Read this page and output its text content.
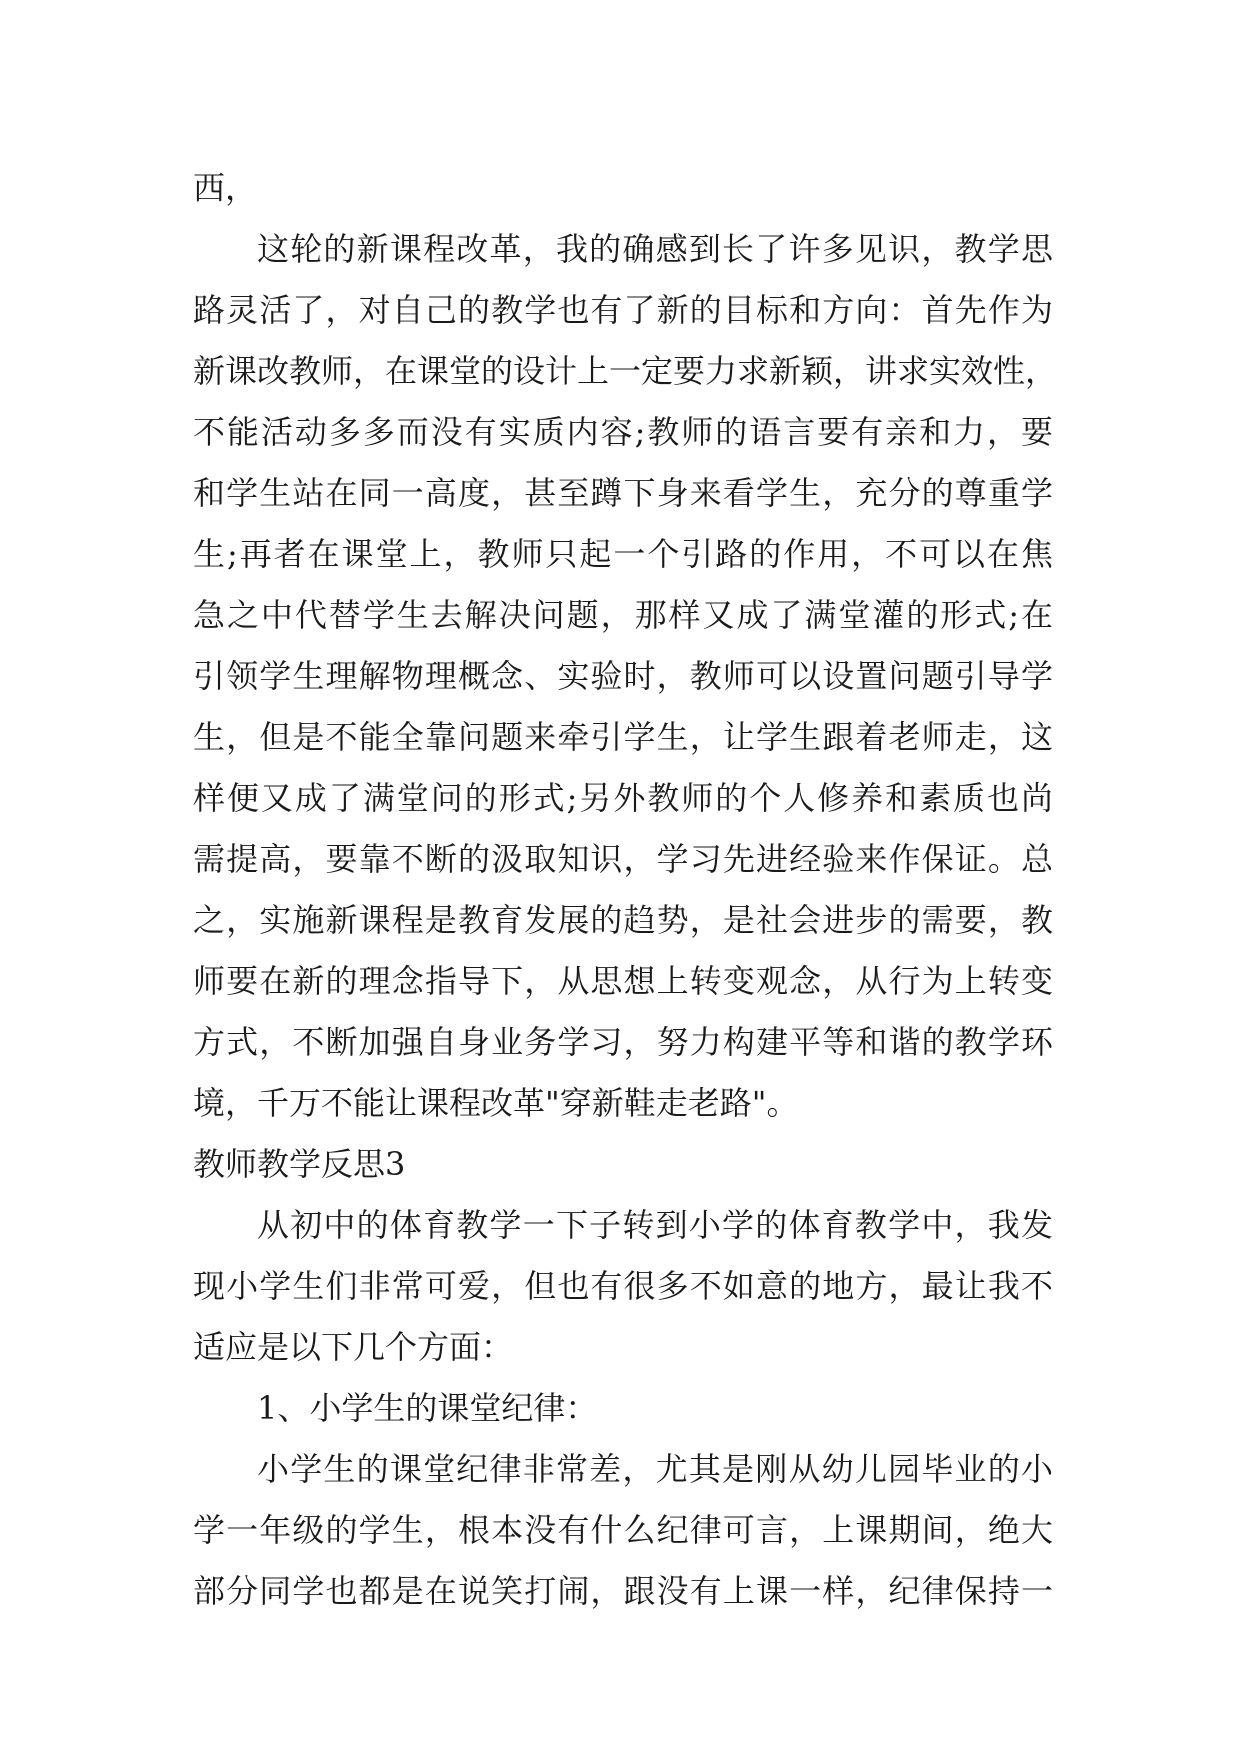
西，
这轮的新课程改革，我的确感到长了许多见识，教学思
路灵活了，对自己的教学也有了新的目标和方向：首先作为
新课改教师，在课堂的设计上一定要力求新颖，讲求实效性，
不能活动多多而没有实质内容;教师的语言要有亲和力，要
和学生站在同一高度，甚至蹲下身来看学生，充分的尊重学
生;再者在课堂上，教师只起一个引路的作用，不可以在焦
急之中代替学生去解决问题，那样又成了满堂灌的形式;在
引领学生理解物理概念、实验时，教师可以设置问题引导学
生，但是不能全靠问题来牵引学生，让学生跟着老师走，这
样便又成了满堂问的形式;另外教师的个人修养和素质也尚
需提高，要靠不断的汲取知识，学习先进经验来作保证。总
之，实施新课程是教育发展的趋势，是社会进步的需要，教
师要在新的理念指导下，从思想上转变观念，从行为上转变
方式，不断加强自身业务学习，努力构建平等和谐的教学环
境，千万不能让课程改革"穿新鞋走老路"。
教师教学反思3
从初中的体育教学一下子转到小学的体育教学中，我发
现小学生们非常可爱，但也有很多不如意的地方，最让我不
适应是以下几个方面：
1、小学生的课堂纪律：
小学生的课堂纪律非常差，尤其是刚从幼儿园毕业的小
学一年级的学生，根本没有什么纪律可言，上课期间，绝大
部分同学也都是在说笑打闹，跟没有上课一样，纪律保持一
